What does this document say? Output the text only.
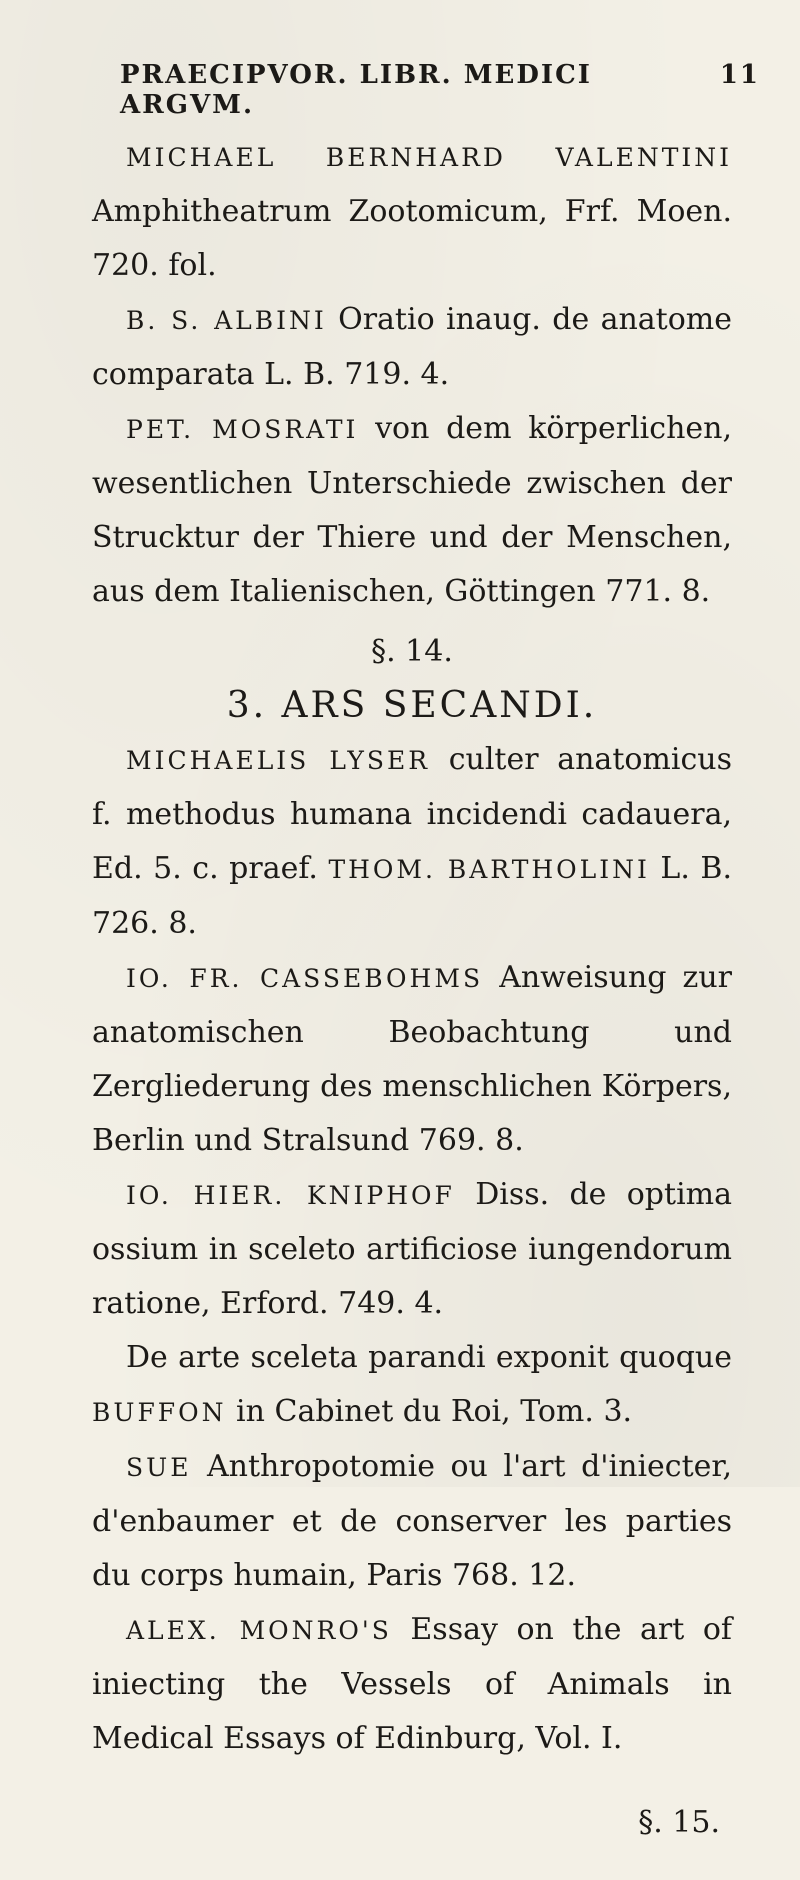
PRAECIPVOR. LIBR. MEDICI ARGVM.
11

MICHAEL BERNHARD VALENTINI Amphitheatrum Zootomicum, Frf. Moen. 720. fol.

B. S. ALBINI Oratio inaug. de anatome comparata L. B. 719. 4.

PET. MOSRATI von dem körperlichen, wesentlichen Unterschiede zwischen der Strucktur der Thiere und der Menschen, aus dem Italienischen, Göttingen 771. 8.

§. 14.

3. ARS SECANDI.

MICHAELIS LYSER culter anatomicus f. methodus humana incidendi cadauera, Ed. 5. c. praef. THOM. BARTHOLINI L. B. 726. 8.

IO. FR. CASSEBOHMS Anweisung zur anatomischen Beobachtung und Zergliederung des menschlichen Körpers, Berlin und Stralsund 769. 8.

IO. HIER. KNIPHOF Diss. de optima ossium in sceleto artificiose iungendorum ratione, Erford. 749. 4.

De arte sceleta parandi exponit quoque BUFFON in Cabinet du Roi, Tom. 3.

SUE Anthropotomie ou l'art d'iniecter, d'enbaumer et de conserver les parties du corps humain, Paris 768. 12.

ALEX. MONRO'S Essay on the art of iniecting the Vessels of Animals in Medical Essays of Edinburg, Vol. I.

§. 15.
